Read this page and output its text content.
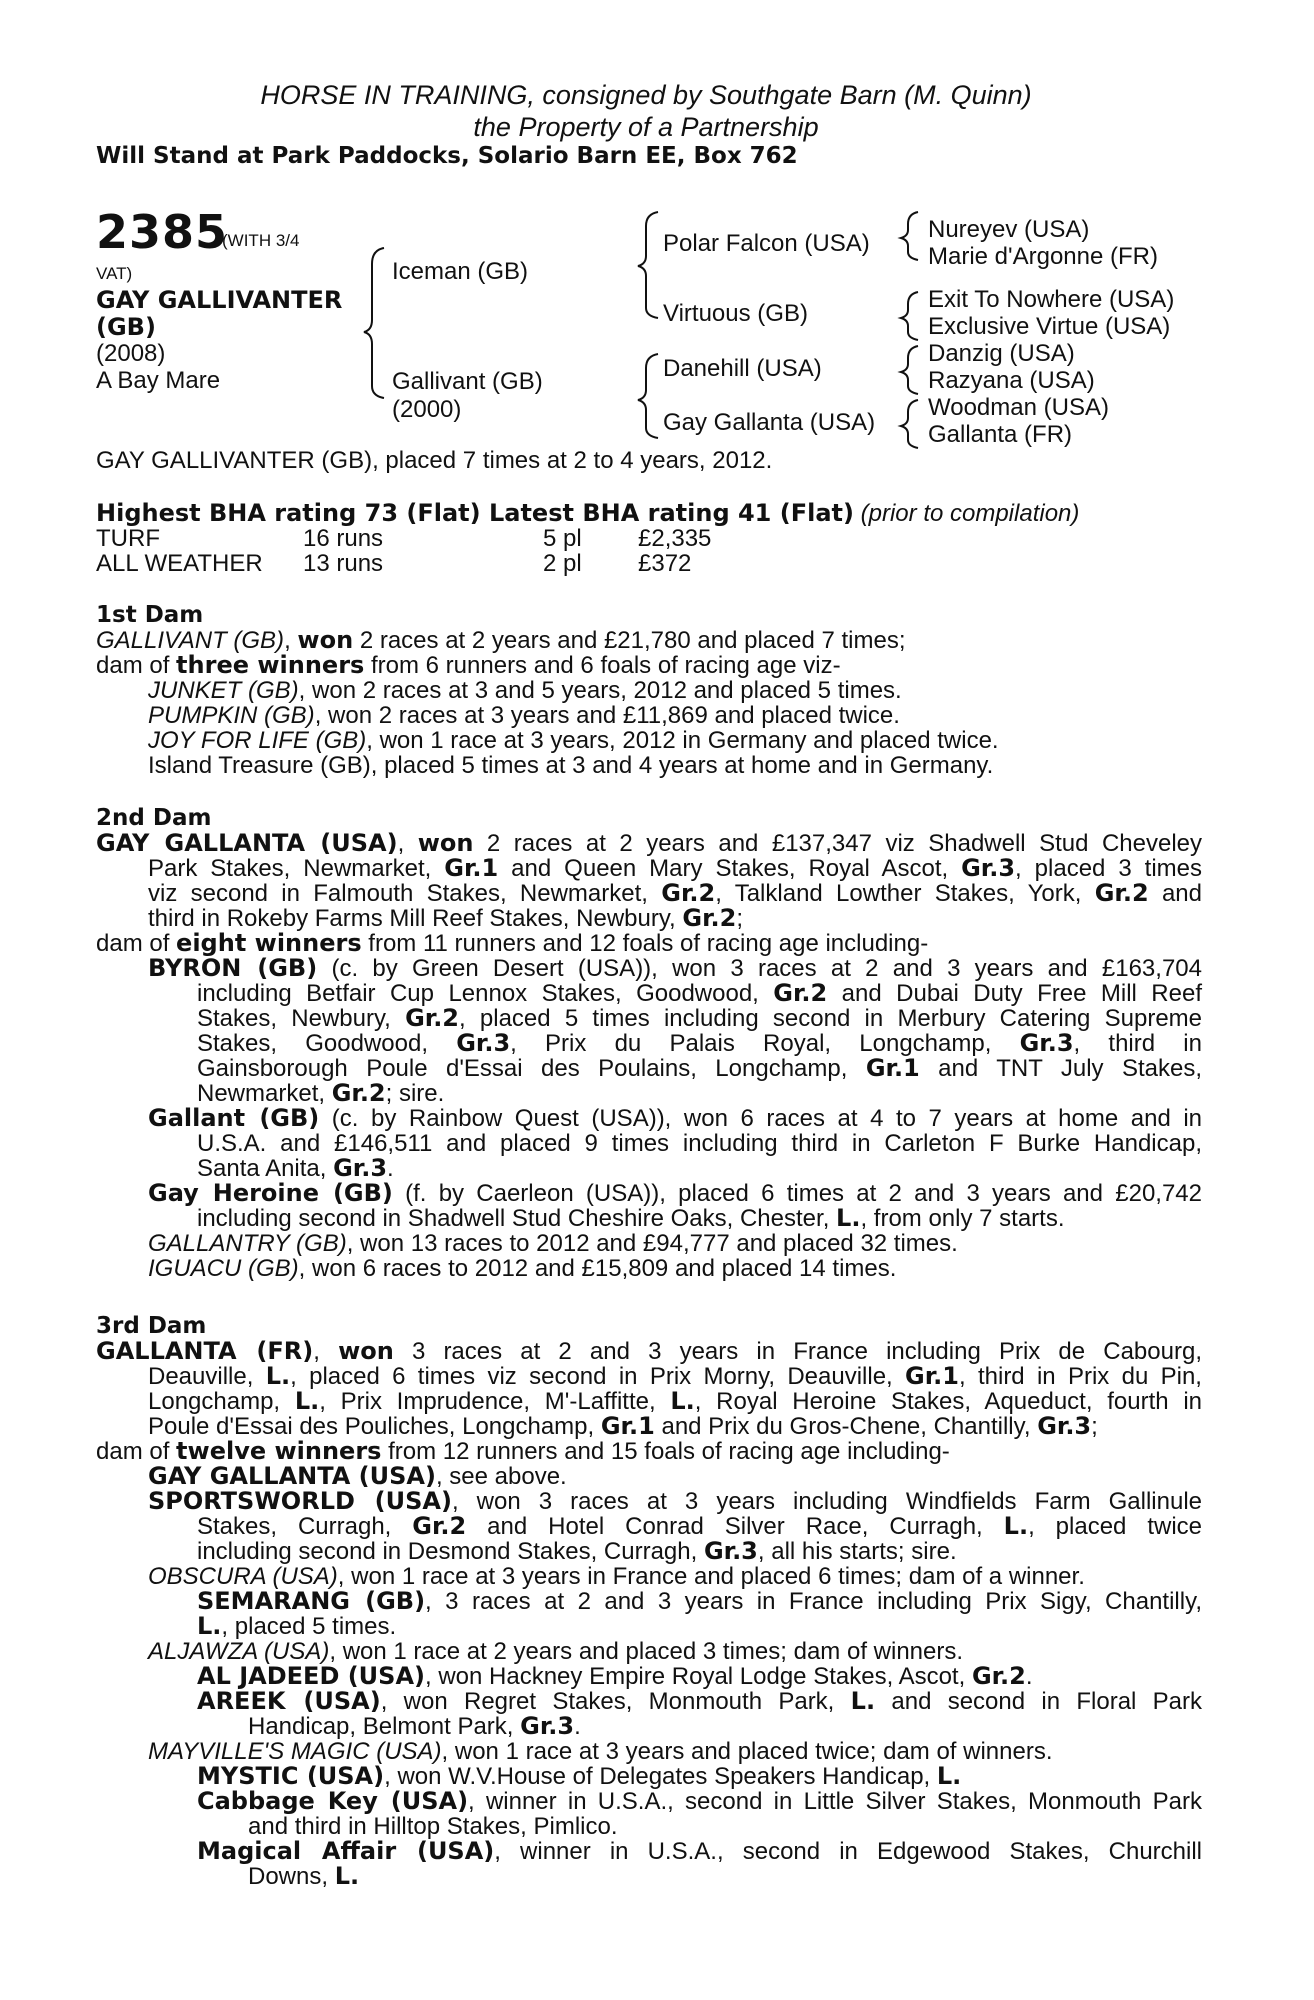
HORSE IN TRAINING, consigned by Southgate Barn (M. Quinn)
the Property of a Partnership
Will Stand at Park Paddocks, Solario Barn EE, Box 762
2385
(WITH 3/4
VAT)
GAY GALLIVANTER
(GB)
(2008)
A Bay Mare
Iceman (GB)
Gallivant (GB)
(2000)
Polar Falcon (USA)
Virtuous (GB)
Danehill (USA)
Gay Gallanta (USA)
Nureyev (USA)
Marie d'Argonne (FR)
Exit To Nowhere (USA)
Exclusive Virtue (USA)
Danzig (USA)
Razyana (USA)
Woodman (USA)
Gallanta (FR)
GAY GALLIVANTER (GB), placed 7 times at 2 to 4 years, 2012.
Highest BHA rating 73 (Flat) Latest BHA rating 41 (Flat) (prior to compilation)
TURF	16 runs	5 pl £2,335
ALL WEATHER 13 runs	2 pl £372
1st Dam
GALLIVANT (GB), won 2 races at 2 years and £21,780 and placed 7 times;
dam of three winners from 6 runners and 6 foals of racing age viz-
JUNKET (GB), won 2 races at 3 and 5 years, 2012 and placed 5 times.
PUMPKIN (GB), won 2 races at 3 years and £11,869 and placed twice.
JOY FOR LIFE (GB), won 1 race at 3 years, 2012 in Germany and placed twice.
Island Treasure (GB), placed 5 times at 3 and 4 years at home and in Germany.
2nd Dam
GAY GALLANTA (USA), won 2 races at 2 years and £137,347 viz Shadwell Stud Cheveley
Park Stakes, Newmarket, Gr.1 and Queen Mary Stakes, Royal Ascot, Gr.3, placed 3 times
viz second in Falmouth Stakes, Newmarket, Gr.2, Talkland Lowther Stakes, York, Gr.2 and
third in Rokeby Farms Mill Reef Stakes, Newbury, Gr.2;
dam of eight winners from 11 runners and 12 foals of racing age including-
BYRON (GB) (c. by Green Desert (USA)), won 3 races at 2 and 3 years and £163,704
including Betfair Cup Lennox Stakes, Goodwood, Gr.2 and Dubai Duty Free Mill Reef
Stakes, Newbury, Gr.2, placed 5 times including second in Merbury Catering Supreme
Stakes, Goodwood, Gr.3, Prix du Palais Royal, Longchamp, Gr.3, third in
Gainsborough Poule d'Essai des Poulains, Longchamp, Gr.1 and TNT July Stakes,
Newmarket, Gr.2; sire.
Gallant (GB) (c. by Rainbow Quest (USA)), won 6 races at 4 to 7 years at home and in
U.S.A. and £146,511 and placed 9 times including third in Carleton F Burke Handicap,
Santa Anita, Gr.3.
Gay Heroine (GB) (f. by Caerleon (USA)), placed 6 times at 2 and 3 years and £20,742
including second in Shadwell Stud Cheshire Oaks, Chester, L., from only 7 starts.
GALLANTRY (GB), won 13 races to 2012 and £94,777 and placed 32 times.
IGUACU (GB), won 6 races to 2012 and £15,809 and placed 14 times.
3rd Dam
GALLANTA (FR), won 3 races at 2 and 3 years in France including Prix de Cabourg,
Deauville, L., placed 6 times viz second in Prix Morny, Deauville, Gr.1, third in Prix du Pin,
Longchamp, L., Prix Imprudence, M'-Laffitte, L., Royal Heroine Stakes, Aqueduct, fourth in
Poule d'Essai des Pouliches, Longchamp, Gr.1 and Prix du Gros-Chene, Chantilly, Gr.3;
dam of twelve winners from 12 runners and 15 foals of racing age including-
GAY GALLANTA (USA), see above.
SPORTSWORLD (USA), won 3 races at 3 years including Windfields Farm Gallinule
Stakes, Curragh, Gr.2 and Hotel Conrad Silver Race, Curragh, L., placed twice
including second in Desmond Stakes, Curragh, Gr.3, all his starts; sire.
OBSCURA (USA), won 1 race at 3 years in France and placed 6 times; dam of a winner.
SEMARANG (GB), 3 races at 2 and 3 years in France including Prix Sigy, Chantilly,
L., placed 5 times.
ALJAWZA (USA), won 1 race at 2 years and placed 3 times; dam of winners.
AL JADEED (USA), won Hackney Empire Royal Lodge Stakes, Ascot, Gr.2.
AREEK (USA), won Regret Stakes, Monmouth Park, L. and second in Floral Park
Handicap, Belmont Park, Gr.3.
MAYVILLE'S MAGIC (USA), won 1 race at 3 years and placed twice; dam of winners.
MYSTIC (USA), won W.V.House of Delegates Speakers Handicap, L.
Cabbage Key (USA), winner in U.S.A., second in Little Silver Stakes, Monmouth Park
and third in Hilltop Stakes, Pimlico.
Magical Affair (USA), winner in U.S.A., second in Edgewood Stakes, Churchill
Downs, L.
